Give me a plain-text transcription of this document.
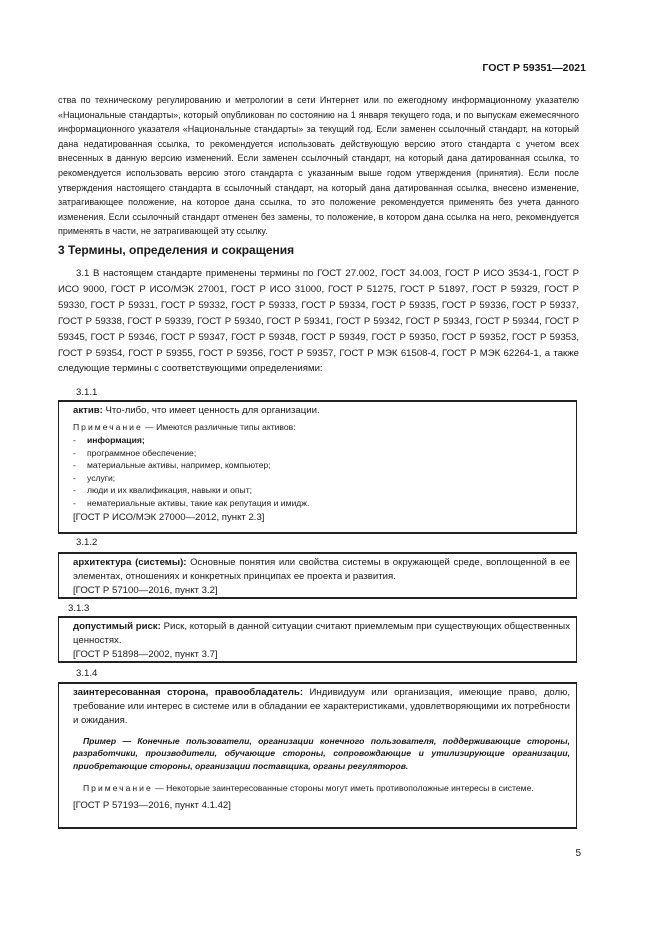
ГОСТ Р 59351—2021
ства по техническому регулированию и метрологии в сети Интернет или по ежегодному информационному указателю «Национальные стандарты», который опубликован по состоянию на 1 января текущего года, и по выпускам ежемесячного информационного указателя «Национальные стандарты» за текущий год. Если заменен ссылочный стандарт, на который дана недатированная ссылка, то рекомендуется использовать действующую версию этого стандарта с учетом всех внесенных в данную версию изменений. Если заменен ссылочный стандарт, на который дана датированная ссылка, то рекомендуется использовать версию этого стандарта с указанным выше годом утверждения (принятия). Если после утверждения настоящего стандарта в ссылочный стандарт, на который дана датированная ссылка, внесено изменение, затрагивающее положение, на которое дана ссылка, то это положение рекомендуется применять без учета данного изменения. Если ссылочный стандарт отменен без замены, то положение, в котором дана ссылка на него, рекомендуется применять в части, не затрагивающей эту ссылку.
3 Термины, определения и сокращения
3.1 В настоящем стандарте применены термины по ГОСТ 27.002, ГОСТ 34.003, ГОСТ Р ИСО 3534-1, ГОСТ Р ИСО 9000, ГОСТ Р ИСО/МЭК 27001, ГОСТ Р ИСО 31000, ГОСТ Р 51275, ГОСТ Р 51897, ГОСТ Р 59329, ГОСТ Р 59330, ГОСТ Р 59331, ГОСТ Р 59332, ГОСТ Р 59333, ГОСТ Р 59334, ГОСТ Р 59335, ГОСТ Р 59336, ГОСТ Р 59337, ГОСТ Р 59338, ГОСТ Р 59339, ГОСТ Р 59340, ГОСТ Р 59341, ГОСТ Р 59342, ГОСТ Р 59343, ГОСТ Р 59344, ГОСТ Р 59345, ГОСТ Р 59346, ГОСТ Р 59347, ГОСТ Р 59348, ГОСТ Р 59349, ГОСТ Р 59350, ГОСТ Р 59352, ГОСТ Р 59353, ГОСТ Р 59354, ГОСТ Р 59355, ГОСТ Р 59356, ГОСТ Р 59357, ГОСТ Р МЭК 61508-4, ГОСТ Р МЭК 62264-1, а также следующие термины с соответствующими определениями:
3.1.1
актив: Что-либо, что имеет ценность для организации.
Примечание — Имеются различные типы активов:
- информация;
- программное обеспечение;
- материальные активы, например, компьютер;
- услуги;
- люди и их квалификация, навыки и опыт;
- нематериальные активы, такие как репутация и имидж.
[ГОСТ Р ИСО/МЭК 27000—2012, пункт 2.3]
3.1.2
архитектура (системы): Основные понятия или свойства системы в окружающей среде, воплощенной в ее элементах, отношениях и конкретных принципах ее проекта и развития.
[ГОСТ Р 57100—2016, пункт 3.2]
3.1.3
допустимый риск: Риск, который в данной ситуации считают приемлемым при существующих общественных ценностях.
[ГОСТ Р 51898—2002, пункт 3.7]
3.1.4
заинтересованная сторона, правообладатель: Индивидуум или организация, имеющие право, долю, требование или интерес в системе или в обладании ее характеристиками, удовлетворяющими их потребности и ожидания.
Пример — Конечные пользователи, организации конечного пользователя, поддерживающие стороны, разработчики, производители, обучающие стороны, сопровождающие и утилизирующие организации, приобретающие стороны, организации поставщика, органы регуляторов.
Примечание — Некоторые заинтересованные стороны могут иметь противоположные интересы в системе.
[ГОСТ Р 57193—2016, пункт 4.1.42]
5
